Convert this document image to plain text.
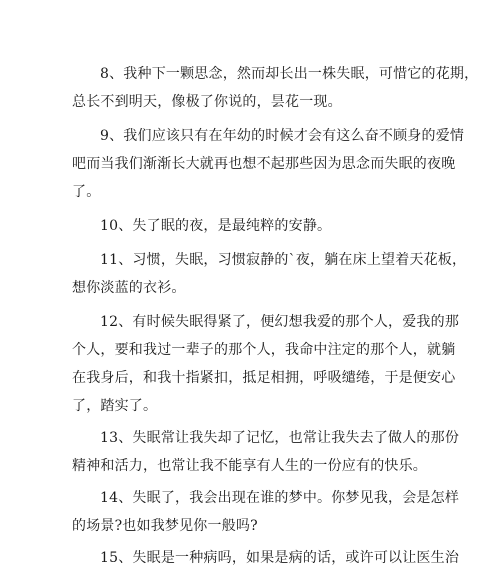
8、我种下一颗思念，然而却长出一株失眠，可惜它的花期，
总长不到明天，像极了你说的，昙花一现。
9、我们应该只有在年幼的时候才会有这么奋不顾身的爱情
吧而当我们渐渐长大就再也想不起那些因为思念而失眠的夜晚
了。
10、失了眠的夜，是最纯粹的安静。
11、习惯，失眠，习惯寂静的`夜，躺在床上望着天花板，
想你淡蓝的衣衫。
12、有时候失眠得紧了，便幻想我爱的那个人，爱我的那
个人，要和我过一辈子的那个人，我命中注定的那个人，就躺
在我身后，和我十指紧扣，抵足相拥，呼吸缱绻，于是便安心
了，踏实了。
13、失眠常让我失却了记忆，也常让我失去了做人的那份
精神和活力，也常让我不能享有人生的一份应有的快乐。
14、失眠了，我会出现在谁的梦中。你梦见我，会是怎样
的场景?也如我梦见你一般吗?
15、失眠是一种病吗，如果是病的话，或许可以让医生治
